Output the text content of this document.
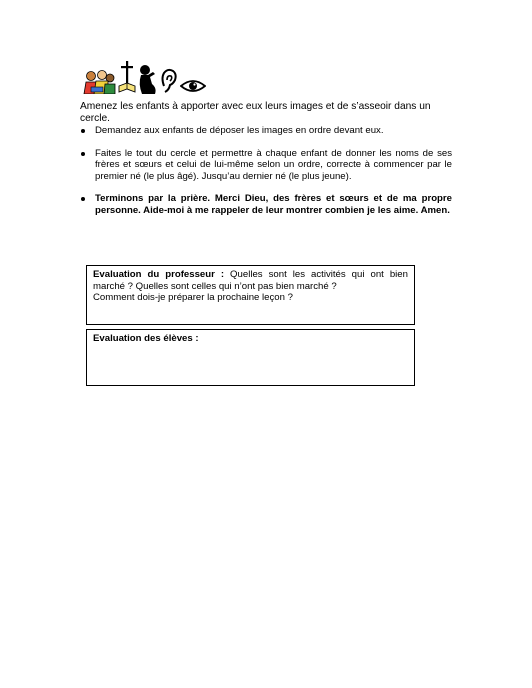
Amenez les enfants à apporter avec eux leurs images et de s’asseoir dans un cercle.
Demandez aux enfants de déposer les images en ordre devant eux.
Faites le tout du cercle et permettre à chaque enfant de donner les noms de ses frères et sœurs et celui de lui-même selon un ordre, correcte à commencer par le premier né (le plus âgé). Jusqu’au dernier né (le plus jeune).
Terminons par la prière. Merci Dieu, des frères et sœurs et de ma propre personne. Aide-moi à me rappeler de leur montrer combien je les aime. Amen.

Evaluation du professeur : Quelles sont les activités qui ont bien marché ? Quelles sont celles qui n’ont pas bien marché ?

Comment dois-je préparer la prochaine leçon ?

Evaluation des élèves :
